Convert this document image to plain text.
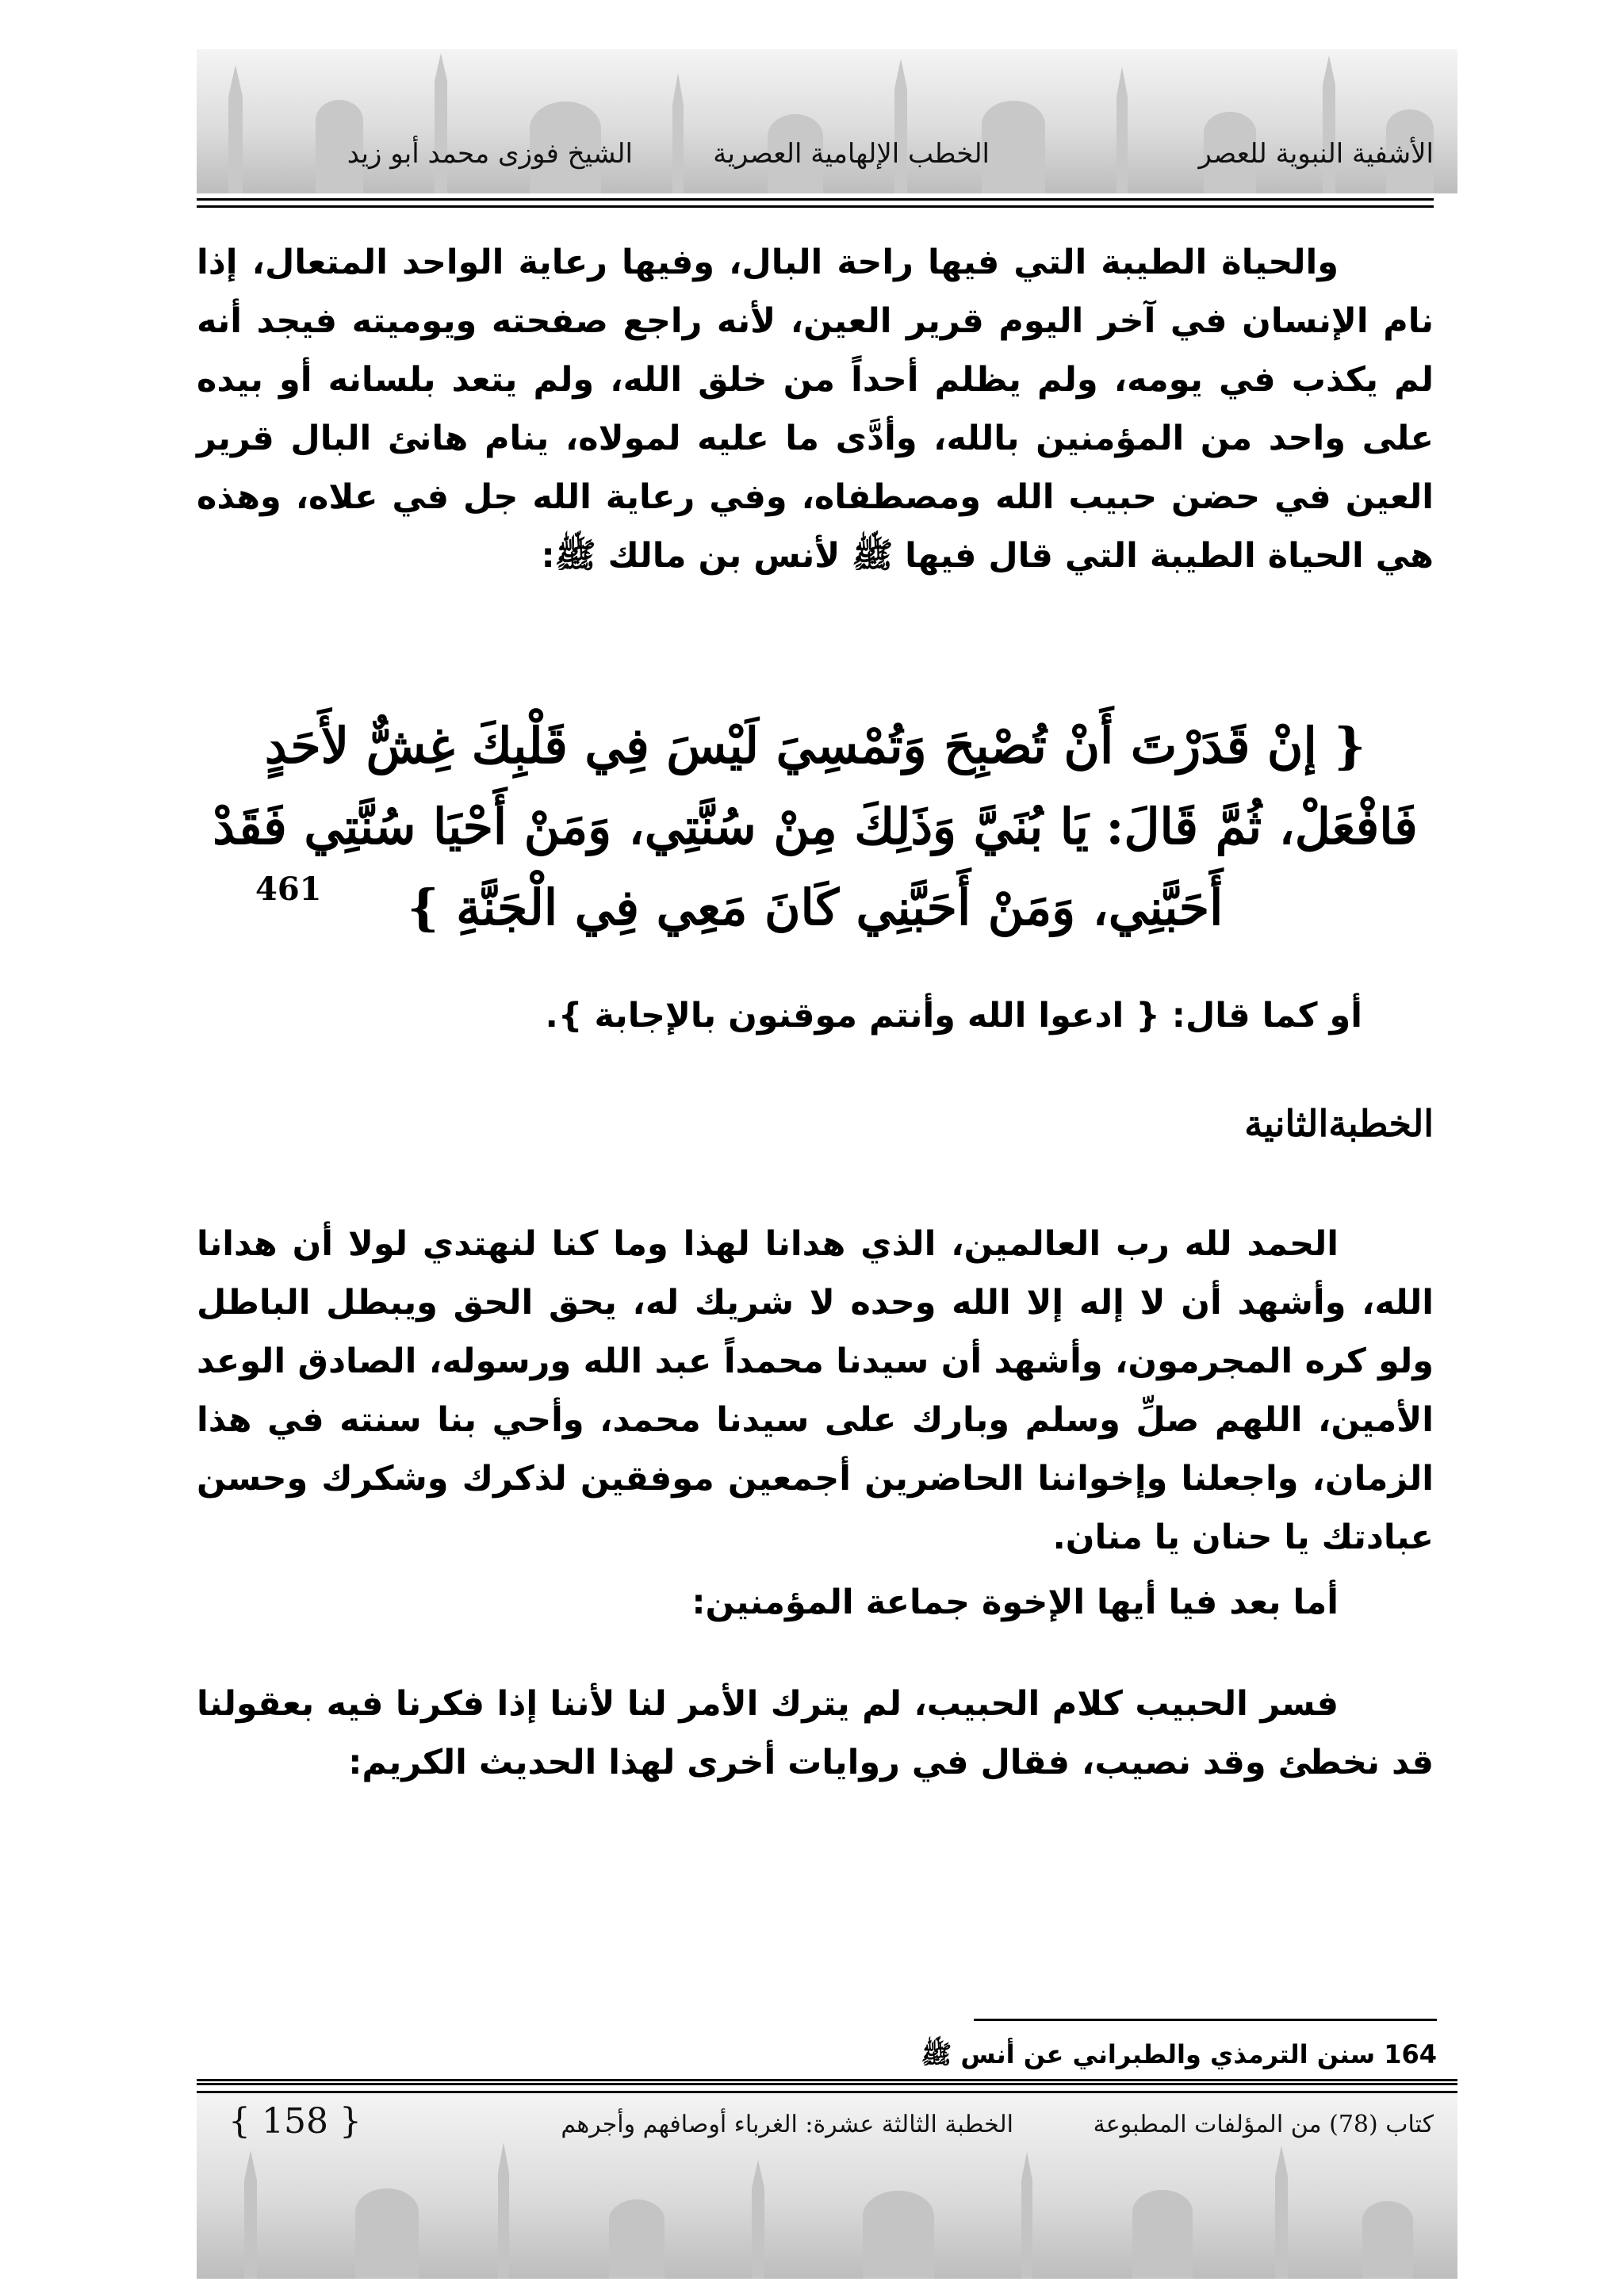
الأشفية النبوية للعصر
الخطب الإلهامية العصرية
الشيخ فوزى محمد أبو زيد

والحياة الطيبة التي فيها راحة البال، وفيها رعاية الواحد المتعال، إذا نام الإنسان في آخر اليوم قرير العين، لأنه راجع صفحته ويوميته فيجد أنه لم يكذب في يومه، ولم يظلم أحداً من خلق الله، ولم يتعد بلسانه أو بيده على واحد من المؤمنين بالله، وأدَّى ما عليه لمولاه، ينام هانئ البال قرير العين في حضن حبيب الله ومصطفاه، وفي رعاية الله جل في علاه، وهذه هي الحياة الطيبة التي قال فيها ﷺ لأنس بن مالك ﷺ:

{ إنْ قَدَرْتَ أَنْ تُصْبِحَ وَتُمْسِيَ لَيْسَ فِي قَلْبِكَ غِشٌّ لأَحَدٍ فَافْعَلْ، ثُمَّ قَالَ: يَا بُنَيَّ وَذَلِكَ مِنْ سُنَّتِي، وَمَنْ أَحْيَا سُنَّتِي فَقَدْ أَحَبَّنِي، وَمَنْ أَحَبَّنِي كَانَ مَعِي فِي الْجَنَّةِ }

461

أو كما قال: { ادعوا الله وأنتم موقنون بالإجابة }.

الخطبةالثانية

الحمد لله رب العالمين، الذي هدانا لهذا وما كنا لنهتدي لولا أن هدانا الله، وأشهد أن لا إله إلا الله وحده لا شريك له، يحق الحق ويبطل الباطل ولو كره المجرمون، وأشهد أن سيدنا محمداً عبد الله ورسوله، الصادق الوعد الأمين، اللهم صلِّ وسلم وبارك على سيدنا محمد، وأحي بنا سنته في هذا الزمان، واجعلنا وإخواننا الحاضرين أجمعين موفقين لذكرك وشكرك وحسن عبادتك يا حنان يا منان.

أما بعد فيا أيها الإخوة جماعة المؤمنين:

فسر الحبيب كلام الحبيب، لم يترك الأمر لنا لأننا إذا فكرنا فيه بعقولنا قد نخطئ وقد نصيب، فقال في روايات أخرى لهذا الحديث الكريم:

164 سنن الترمذي والطبراني عن أنس ﷺ
كتاب (78) من المؤلفات المطبوعة
الخطبة الثالثة عشرة: الغرباء أوصافهم وأجرهم
{ 158 }
